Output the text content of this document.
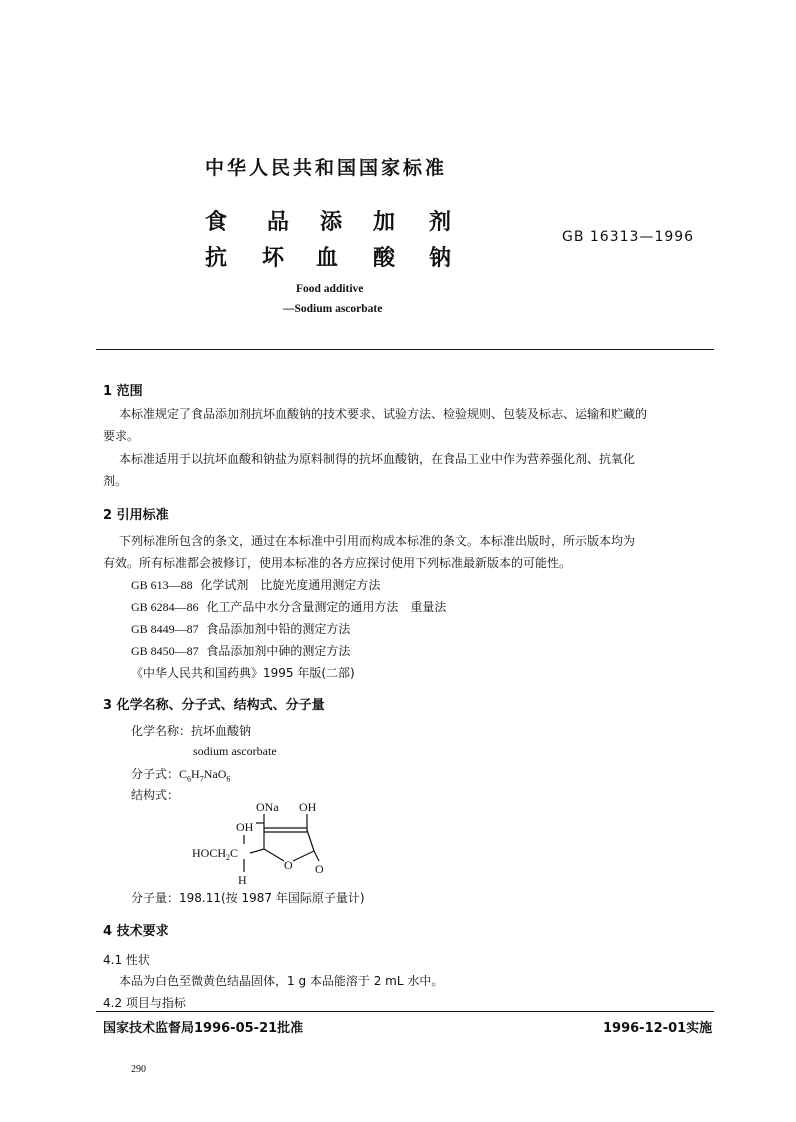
中华人民共和国国家标准
食 品 添 加 剂
抗 坏 血 酸 钠
GB 16313—1996
Food additive
—Sodium ascorbate
1 范围
本标准规定了食品添加剂抗坏血酸钠的技术要求、试验方法、检验规则、包装及标志、运输和贮藏的
要求。
本标准适用于以抗坏血酸和钠盐为原料制得的抗坏血酸钠，在食品工业中作为营养强化剂、抗氧化
剂。
2 引用标准
下列标准所包含的条文，通过在本标准中引用而构成本标准的条文。本标准出版时，所示版本均为
有效。所有标准都会被修订，使用本标准的各方应探讨使用下列标准最新版本的可能性。
GB 613—88 化学试剂　比旋光度通用测定方法
GB 6284—86 化工产品中水分含量测定的通用方法　重量法
GB 8449—87 食品添加剂中铅的测定方法
GB 8450—87 食品添加剂中砷的测定方法
《中华人民共和国药典》1995 年版(二部)
3 化学名称、分子式、结构式、分子量
化学名称：抗坏血酸钠
sodium ascorbate
分子式：$C_6H_7NaO_6$
结构式：
ONa OH
OH
$HOCH_2C$
H
O O
分子量：198.11(按 1987 年国际原子量计)
4 技术要求
4.1 性状
本品为白色至微黄色结晶固体，1 g 本品能溶于 2 mL 水中。
4.2 项目与指标
国家技术监督局1996-05-21批准	1996-12-01实施
290
